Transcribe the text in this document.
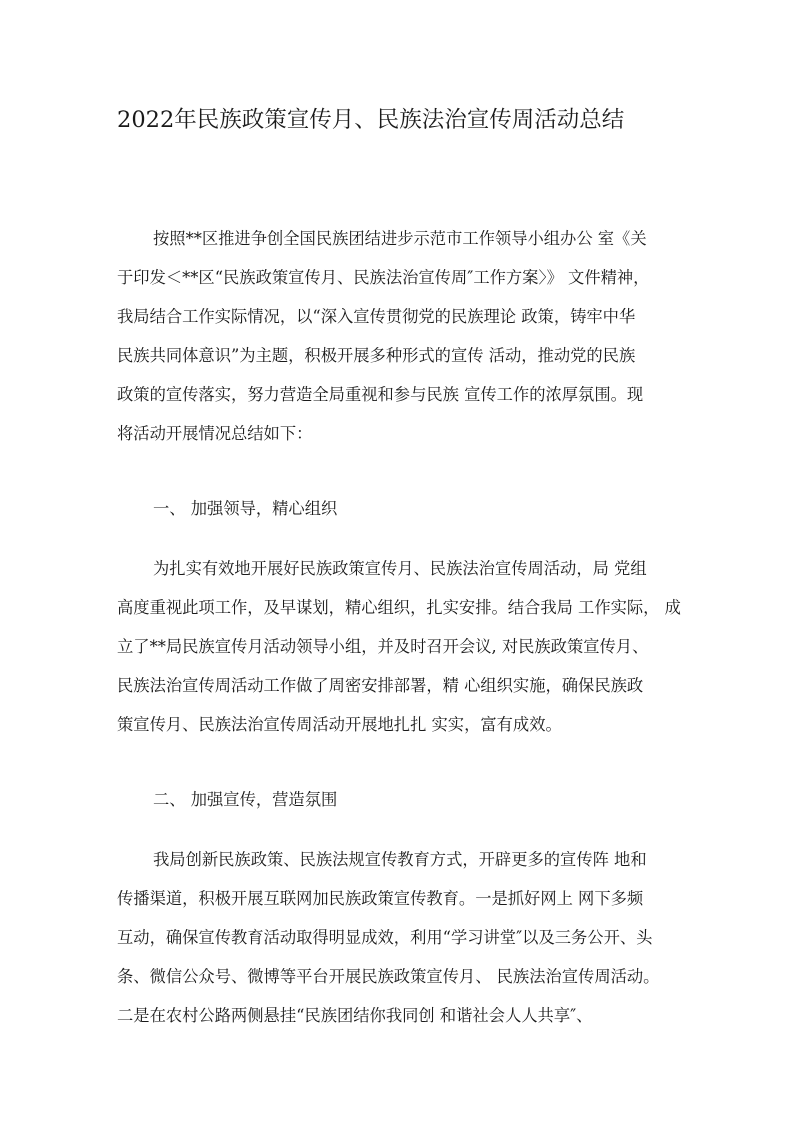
2022年民族政策宣传月、民族法治宣传周活动总结
按照**区推进争创全国民族团结进步示范市工作领导小组办公 室《关
于印发＜**区“民族政策宣传月、民族法治宣传周″工作方案〉》 文件精神，
我局结合工作实际情况，以“深入宣传贯彻党的民族理论 政策，铸牢中华
民族共同体意识”为主题，积极开展多种形式的宣传 活动，推动党的民族
政策的宣传落实，努力营造全局重视和参与民族 宣传工作的浓厚氛围。现
将活动开展情况总结如下：
一、 加强领导，精心组织
为扎实有效地开展好民族政策宣传月、民族法治宣传周活动，局 党组
高度重视此项工作，及早谋划，精心组织，扎实安排。结合我局 工作实际， 成
立了**局民族宣传月活动领导小组，并及时召开会议, 对民族政策宣传月、
民族法治宣传周活动工作做了周密安排部署，精 心组织实施，确保民族政
策宣传月、民族法治宣传周活动开展地扎扎 实实，富有成效。
二、 加强宣传，营造氛围
我局创新民族政策、民族法规宣传教育方式，开辟更多的宣传阵 地和
传播渠道，积极开展互联网加民族政策宣传教育。一是抓好网上 网下多频
互动，确保宣传教育活动取得明显成效，利用“学习讲堂″以及三务公开、头
条、微信公众号、微博等平台开展民族政策宣传月、 民族法治宣传周活动。
二是在农村公路两侧悬挂“民族团结你我同创 和谐社会人人共享″、
